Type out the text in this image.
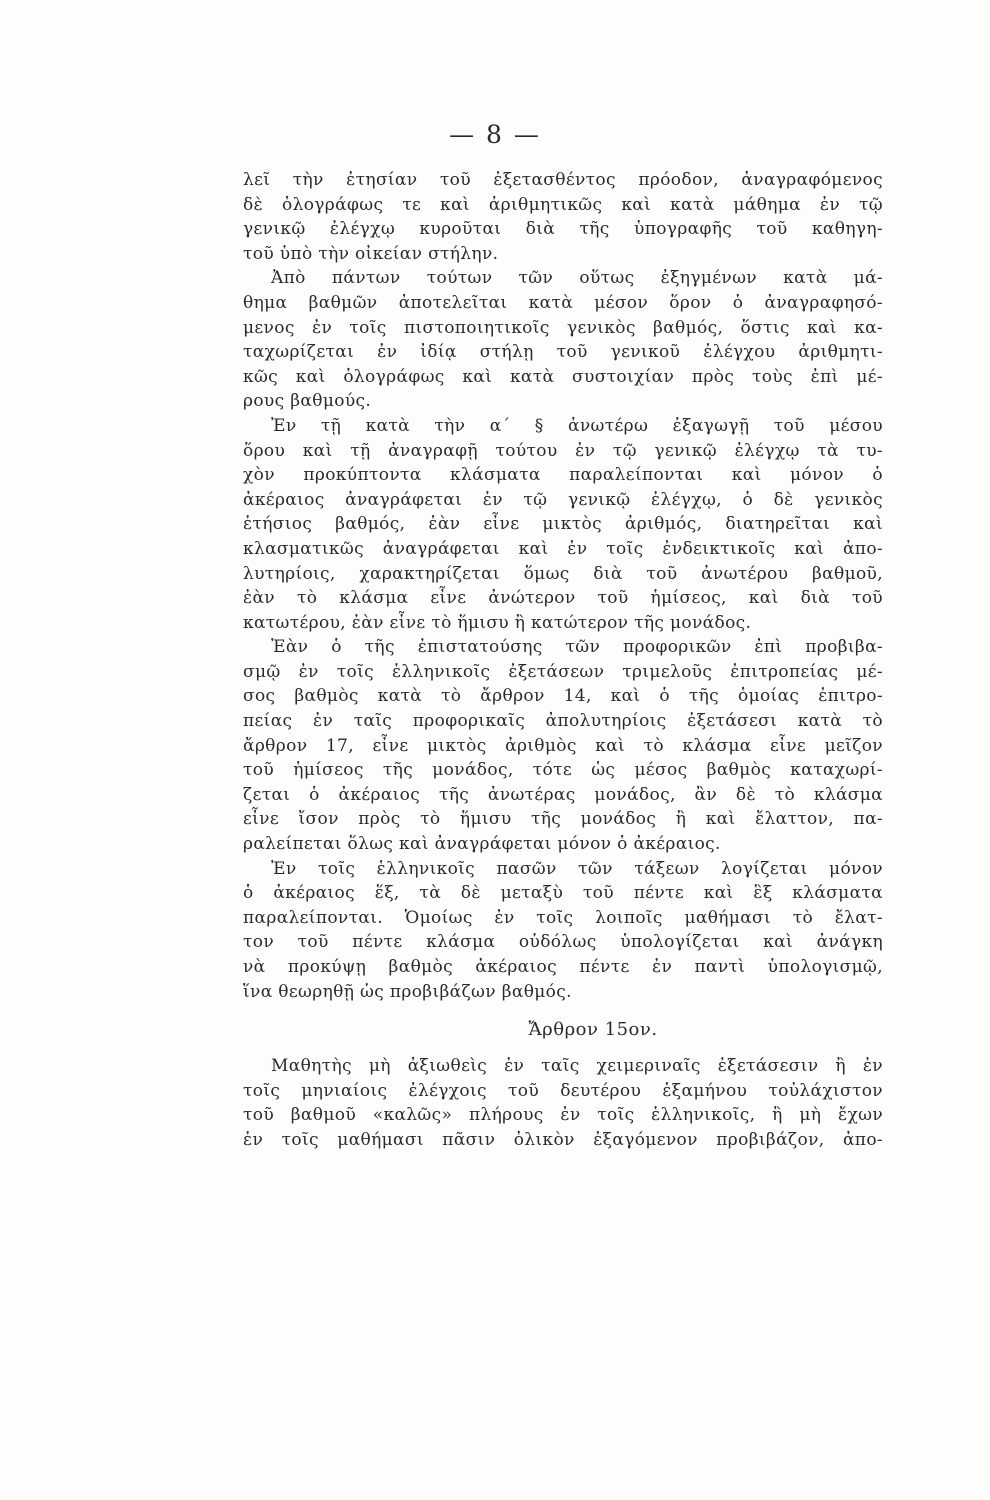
— 8 —
λεῖ τὴν ἐτησίαν τοῦ ἐξετασθέντος πρόοδον, ἀναγραφόμενος
δὲ ὁλογράφως τε καὶ ἀριθμητικῶς καὶ κατὰ μάθημα ἐν τῷ
γενικῷ ἐλέγχῳ κυροῦται διὰ τῆς ὑπογραφῆς τοῦ καθηγη-
τοῦ ὑπὸ τὴν οἰκείαν στήλην.
Ἀπὸ πάντων τούτων τῶν οὕτως ἐξηγμένων κατὰ μά-
θημα βαθμῶν ἀποτελεῖται κατὰ μέσον ὅρον ὁ ἀναγραφησό-
μενος ἐν τοῖς πιστοποιητικοῖς γενικὸς βαθμός, ὅστις καὶ κα-
ταχωρίζεται ἐν ἰδίᾳ στήλῃ τοῦ γενικοῦ ἐλέγχου ἀριθμητι-
κῶς καὶ ὁλογράφως καὶ κατὰ συστοιχίαν πρὸς τοὺς ἐπὶ μέ-
ρους βαθμούς.
Ἐν τῇ κατὰ τὴν α΄ § ἀνωτέρω ἐξαγωγῇ τοῦ μέσου
ὅρου καὶ τῇ ἀναγραφῇ τούτου ἐν τῷ γενικῷ ἐλέγχῳ τὰ τυ-
χὸν προκύπτοντα κλάσματα παραλείπονται καὶ μόνον ὁ
ἀκέραιος ἀναγράφεται ἐν τῷ γενικῷ ἐλέγχῳ, ὁ δὲ γενικὸς
ἐτήσιος βαθμός, ἐὰν εἶνε μικτὸς ἀριθμός, διατηρεῖται καὶ
κλασματικῶς ἀναγράφεται καὶ ἐν τοῖς ἐνδεικτικοῖς καὶ ἀπο-
λυτηρίοις, χαρακτηρίζεται ὅμως διὰ τοῦ ἀνωτέρου βαθμοῦ,
ἐὰν τὸ κλάσμα εἶνε ἀνώτερον τοῦ ἡμίσεος, καὶ διὰ τοῦ
κατωτέρου, ἐὰν εἶνε τὸ ἥμισυ ἢ κατώτερον τῆς μονάδος.
Ἐὰν ὁ τῆς ἐπιστατούσης τῶν προφορικῶν ἐπὶ προβιβα-
σμῷ ἐν τοῖς ἑλληνικοῖς ἐξετάσεων τριμελοῦς ἐπιτροπείας μέ-
σος βαθμὸς κατὰ τὸ ἄρθρον 14, καὶ ὁ τῆς ὁμοίας ἐπιτρο-
πείας ἐν ταῖς προφορικαῖς ἀπολυτηρίοις ἐξετάσεσι κατὰ τὸ
ἄρθρον 17, εἶνε μικτὸς ἀριθμὸς καὶ τὸ κλάσμα εἶνε μεῖζον
τοῦ ἡμίσεος τῆς μονάδος, τότε ὡς μέσος βαθμὸς καταχωρί-
ζεται ὁ ἀκέραιος τῆς ἀνωτέρας μονάδος, ἂν δὲ τὸ κλάσμα
εἶνε ἴσον πρὸς τὸ ἥμισυ τῆς μονάδος ἢ καὶ ἔλαττον, πα-
ραλείπεται ὅλως καὶ ἀναγράφεται μόνον ὁ ἀκέραιος.
Ἐν τοῖς ἑλληνικοῖς πασῶν τῶν τάξεων λογίζεται μόνον
ὁ ἀκέραιος ἕξ, τὰ δὲ μεταξὺ τοῦ πέντε καὶ ἓξ κλάσματα
παραλείπονται. Ὁμοίως ἐν τοῖς λοιποῖς μαθήμασι τὸ ἔλατ-
τον τοῦ πέντε κλάσμα οὐδόλως ὑπολογίζεται καὶ ἀνάγκη
νὰ προκύψῃ βαθμὸς ἀκέραιος πέντε ἐν παντὶ ὑπολογισμῷ,
ἵνα θεωρηθῇ ὡς προβιβάζων βαθμός.
Ἄρθρον 15ον.
Μαθητὴς μὴ ἀξιωθεὶς ἐν ταῖς χειμεριναῖς ἐξετάσεσιν ἢ ἐν
τοῖς μηνιαίοις ἐλέγχοις τοῦ δευτέρου ἑξαμήνου τοὐλάχιστον
τοῦ βαθμοῦ «καλῶς» πλήρους ἐν τοῖς ἑλληνικοῖς, ἢ μὴ ἔχων
ἐν τοῖς μαθήμασι πᾶσιν ὁλικὸν ἐξαγόμενον προβιβάζον, ἀπο-
